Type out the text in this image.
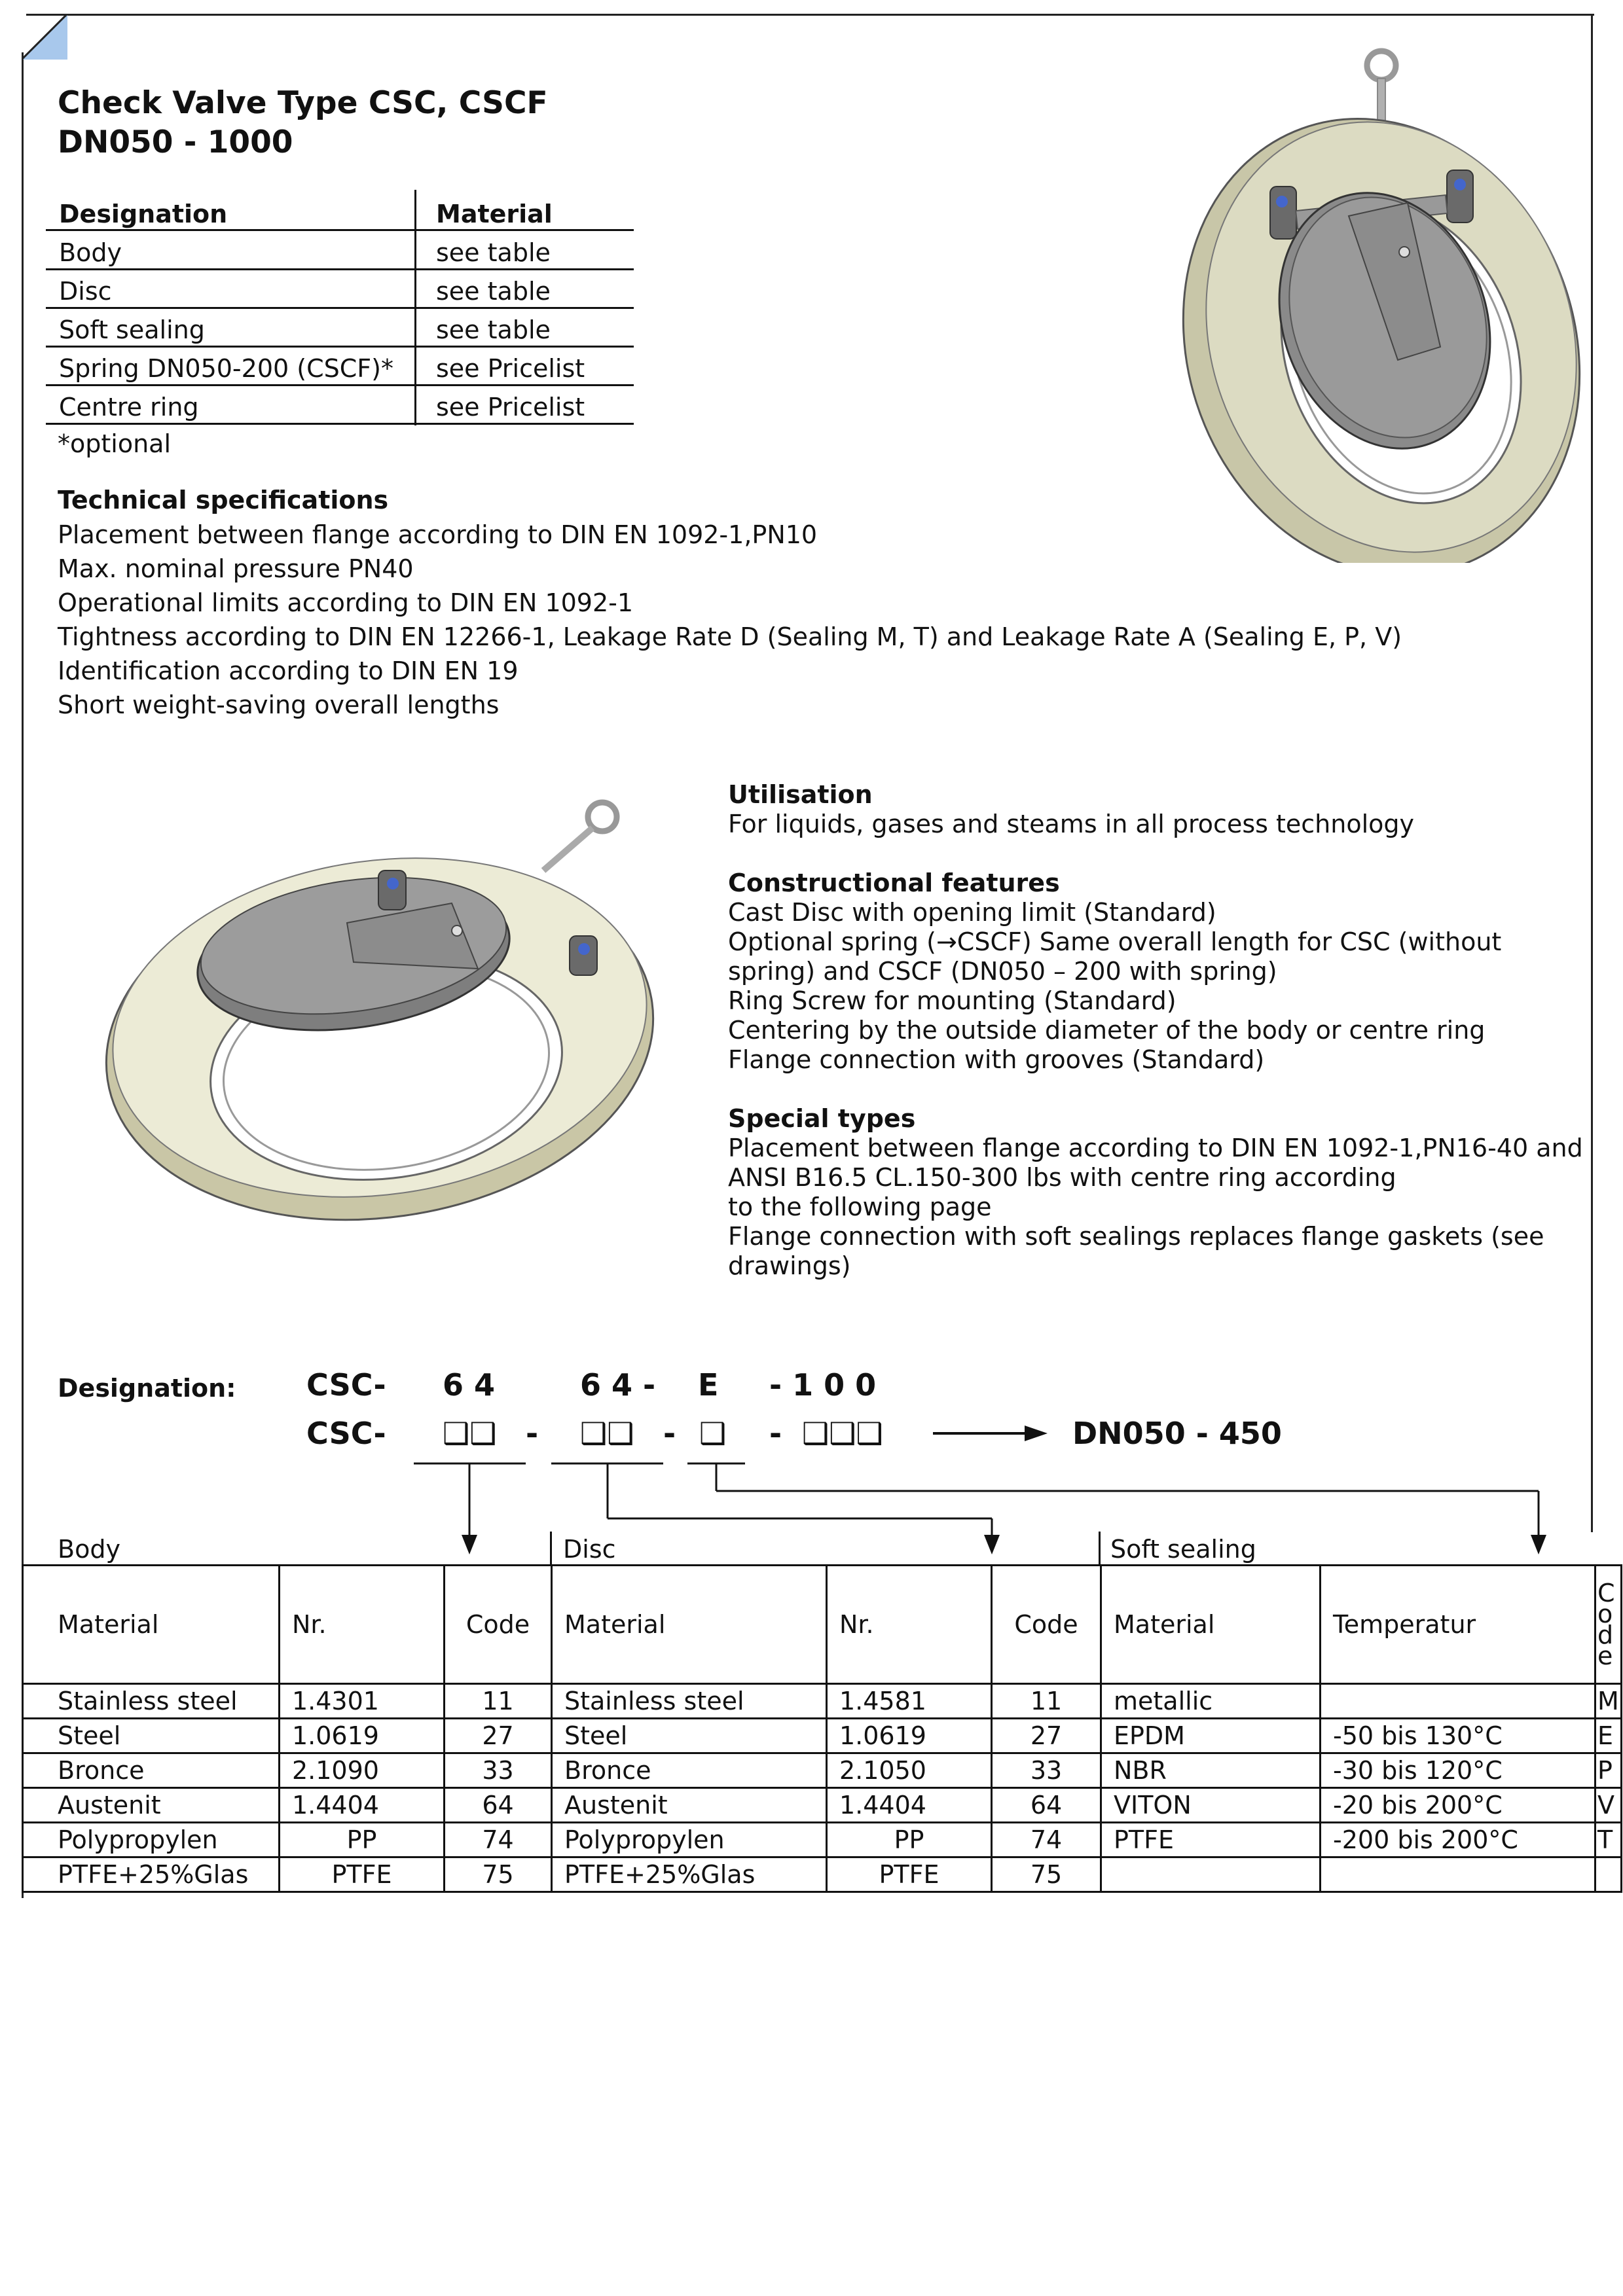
Check Valve Type CSC, CSCF
DN050 - 1000
Designation	Material
Body	see table
Disc	see table
Soft sealing	see table
Spring DN050-200 (CSCF)* see Pricelist
Centre ring	see Pricelist
*optional
Technical specifications
Placement between flange according to DIN EN 1092-1,PN10
Max. nominal pressure PN40
Operational limits according to DIN EN 1092-1
Tightness according to DIN EN 12266-1, Leakage Rate D (Sealing M, T) and Leakage Rate A (Sealing E, P, V)
Identification according to DIN EN 19
Short weight-saving overall lengths
Utilisation
For liquids, gases and steams in all process technology
Constructional features
Cast Disc with opening limit (Standard)
Optional spring (→CSCF) Same overall length for CSC (without
spring) and CSCF (DN050 – 200 with spring)
Ring Screw for mounting (Standard)
Centering by the outside diameter of the body or centre ring
Flange connection with grooves (Standard)
Special types
Placement between flange according to DIN EN 1092-1,PN16-40 and
ANSI B16.5 CL.150-300 lbs with centre ring according
to the following page
Flange connection with soft sealings replaces flange gaskets (see
drawings)
Designation: CSC- 6 4	6 4 - E - 1 0 0
CSC- ❑❑ - ❑❑ - ❑ - ❑❑❑	DN050 - 450
Body	Disc	Soft sealing
Material	Nr.	Code	Material	Nr.	Code	Material	Temperatur	Code
Stainless steel	1.4301	11	Stainless steel	1.4581	11	metallic		M
Steel	1.0619	27	Steel	1.0619	27	EPDM	-50 bis 130°C	E
Bronce	2.1090	33	Bronce	2.1050	33	NBR	-30 bis 120°C	P
Austenit	1.4404	64	Austenit	1.4404	64	VITON	-20 bis 200°C	V
Polypropylen	PP	74	Polypropylen	PP	74	PTFE	-200 bis 200°C	T
PTFE+25%Glas	PTFE	75	PTFE+25%Glas	PTFE	75			
